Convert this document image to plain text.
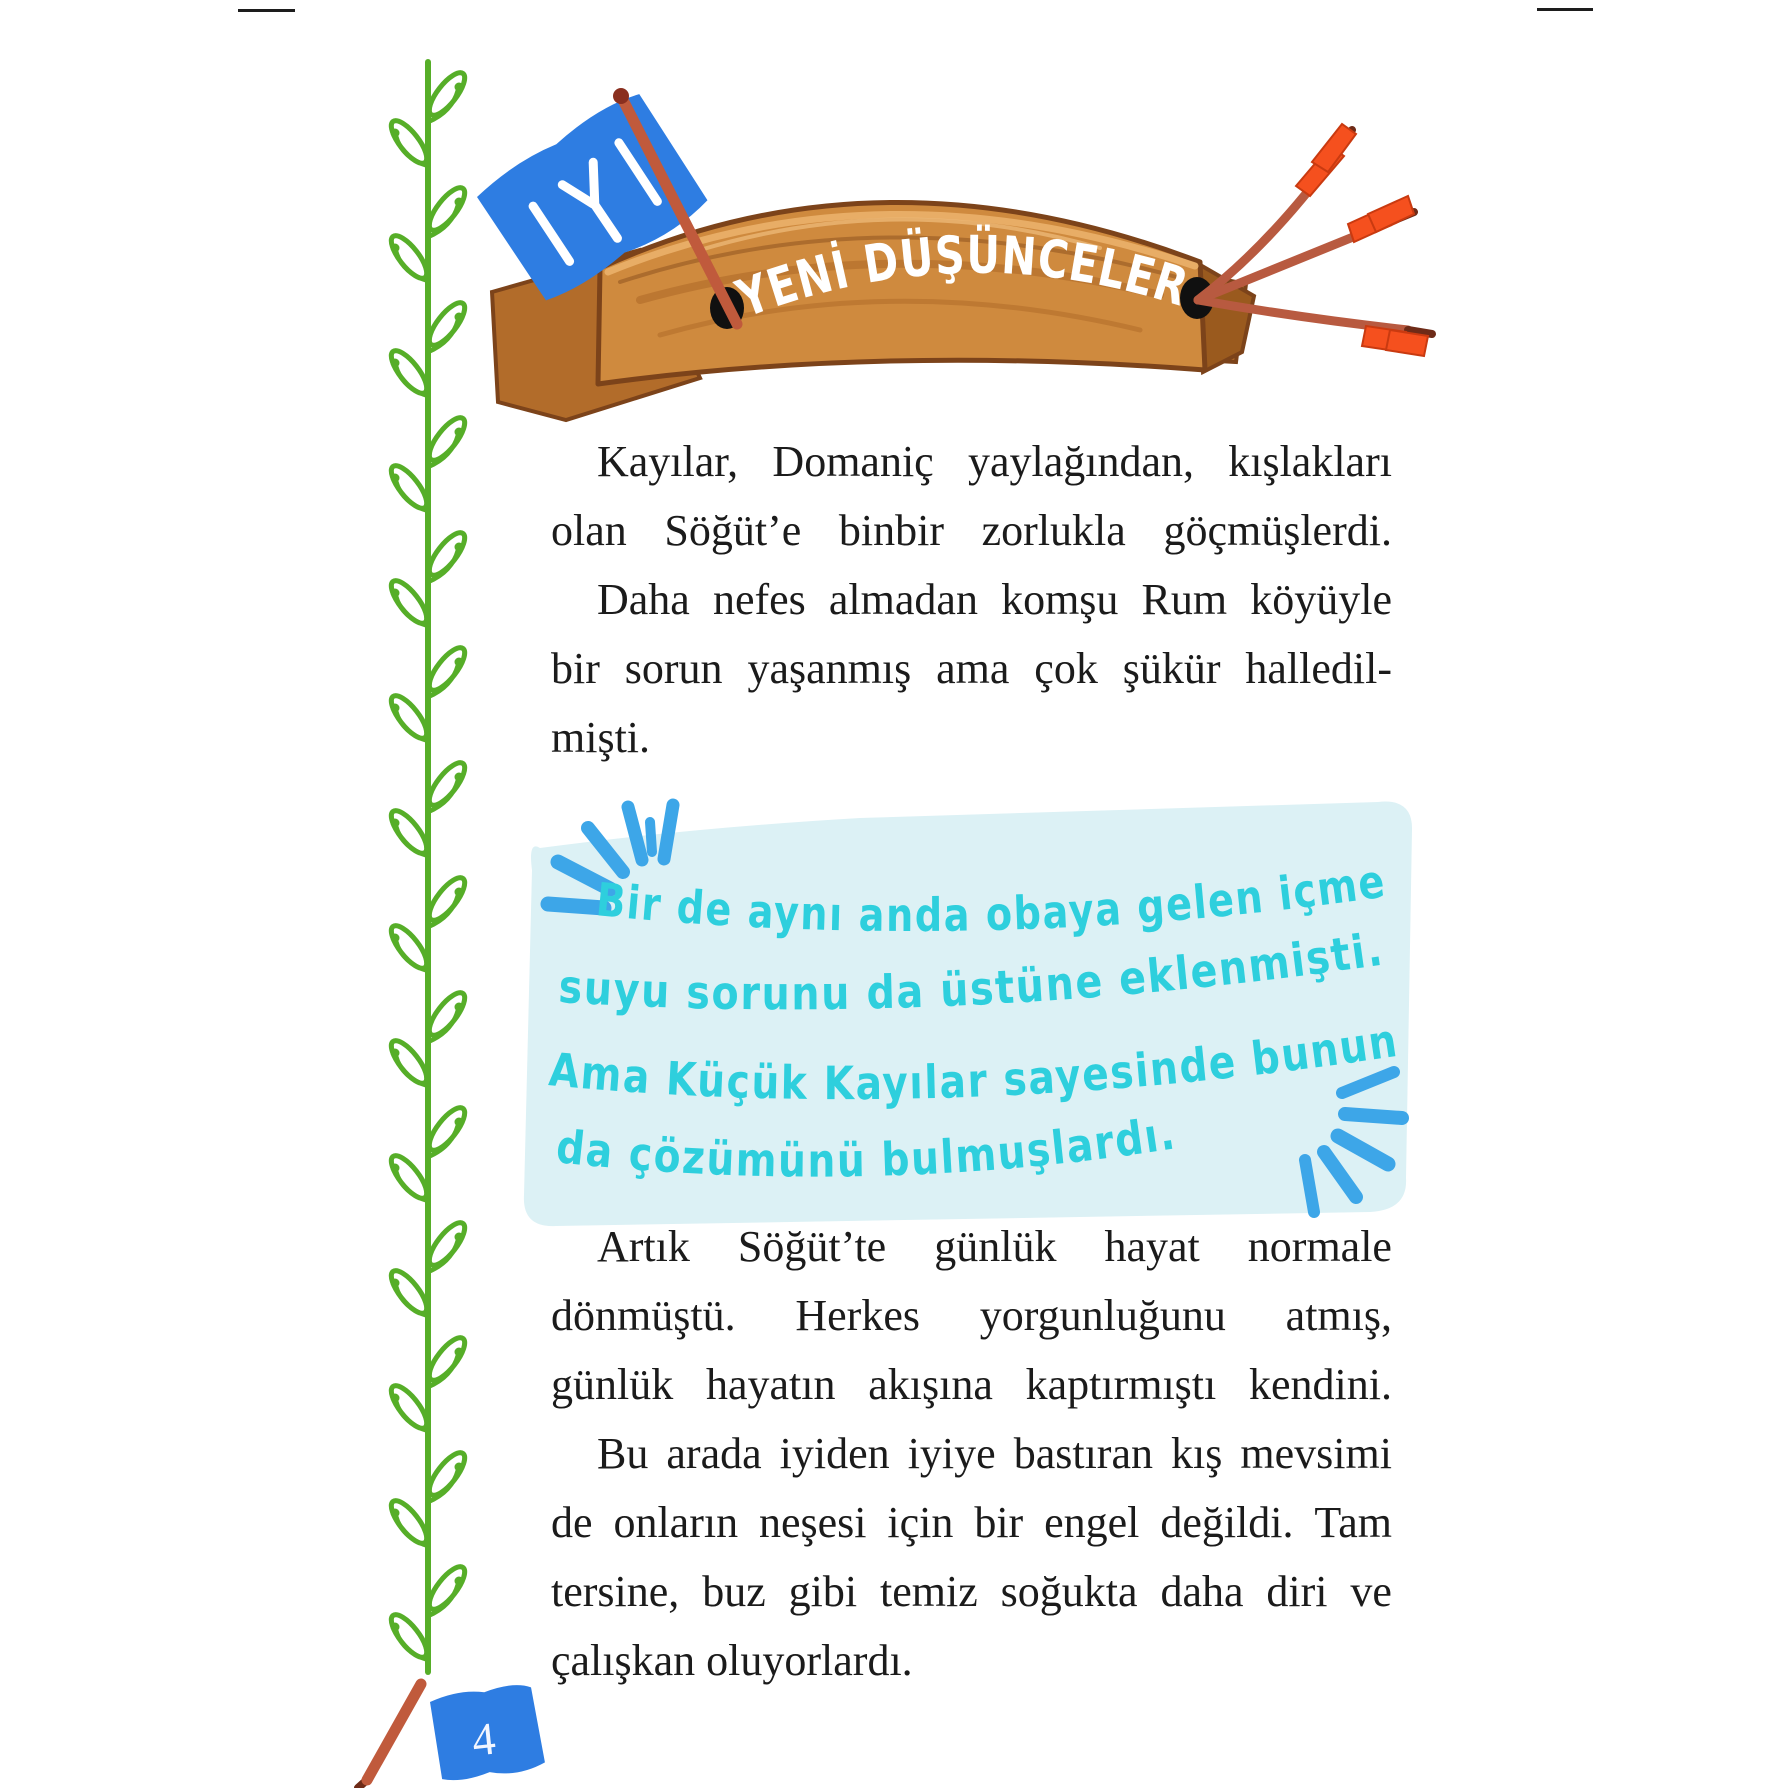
Bir de aynı anda obaya gelen içme
suyu sorunu da üstüne eklenmişti.
Ama Küçük Kayılar sayesinde bunun
da çözümünü bulmuşlardı.
YENİ DÜŞÜNCELER
4
Kayılar, Domaniç yaylağından, kışlakları
olan Söğüt’e binbir zorlukla göçmüşlerdi.
Daha nefes almadan komşu Rum köyüyle
bir sorun yaşanmış ama çok şükür halledil-
mişti.
Artık Söğüt’te günlük hayat normale
dönmüştü. Herkes yorgunluğunu atmış,
günlük hayatın akışına kaptırmıştı kendini.
Bu arada iyiden iyiye bastıran kış mevsimi
de onların neşesi için bir engel değildi. Tam
tersine, buz gibi temiz soğukta daha diri ve
çalışkan oluyorlardı.
